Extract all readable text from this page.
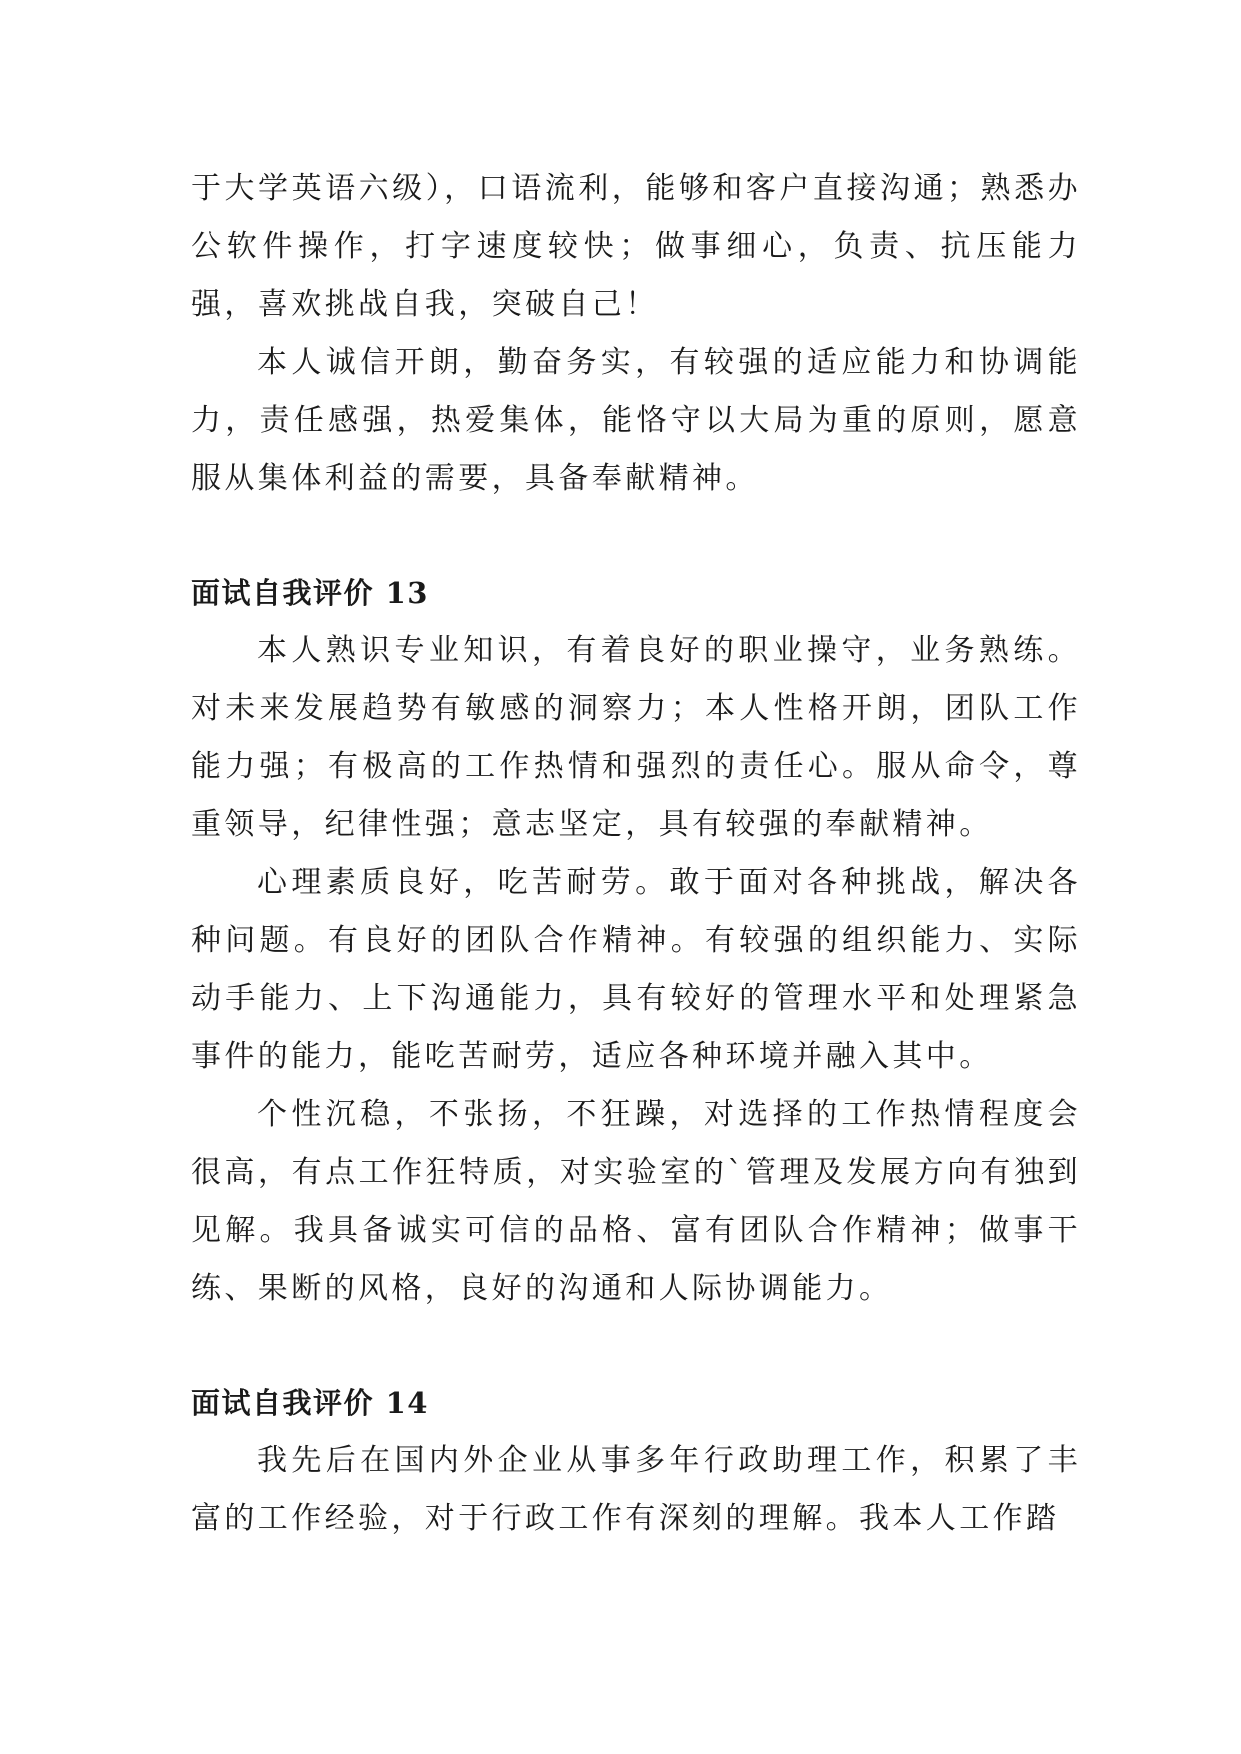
于大学英语六级），口语流利，能够和客户直接沟通；熟悉办公软件操作，打字速度较快；做事细心，负责、抗压能力强，喜欢挑战自我，突破自己！

本人诚信开朗，勤奋务实，有较强的适应能力和协调能力，责任感强，热爱集体，能恪守以大局为重的原则，愿意服从集体利益的需要，具备奉献精神。

面试自我评价 13

本人熟识专业知识，有着良好的职业操守，业务熟练。对未来发展趋势有敏感的洞察力；本人性格开朗，团队工作能力强；有极高的工作热情和强烈的责任心。服从命令，尊重领导，纪律性强；意志坚定，具有较强的奉献精神。

心理素质良好，吃苦耐劳。敢于面对各种挑战，解决各种问题。有良好的团队合作精神。有较强的组织能力、实际动手能力、上下沟通能力，具有较好的管理水平和处理紧急事件的能力，能吃苦耐劳，适应各种环境并融入其中。

个性沉稳，不张扬，不狂躁，对选择的工作热情程度会很高，有点工作狂特质，对实验室的`管理及发展方向有独到见解。我具备诚实可信的品格、富有团队合作精神；做事干练、果断的风格，良好的沟通和人际协调能力。

面试自我评价 14

我先后在国内外企业从事多年行政助理工作，积累了丰富的工作经验，对于行政工作有深刻的理解。我本人工作踏
